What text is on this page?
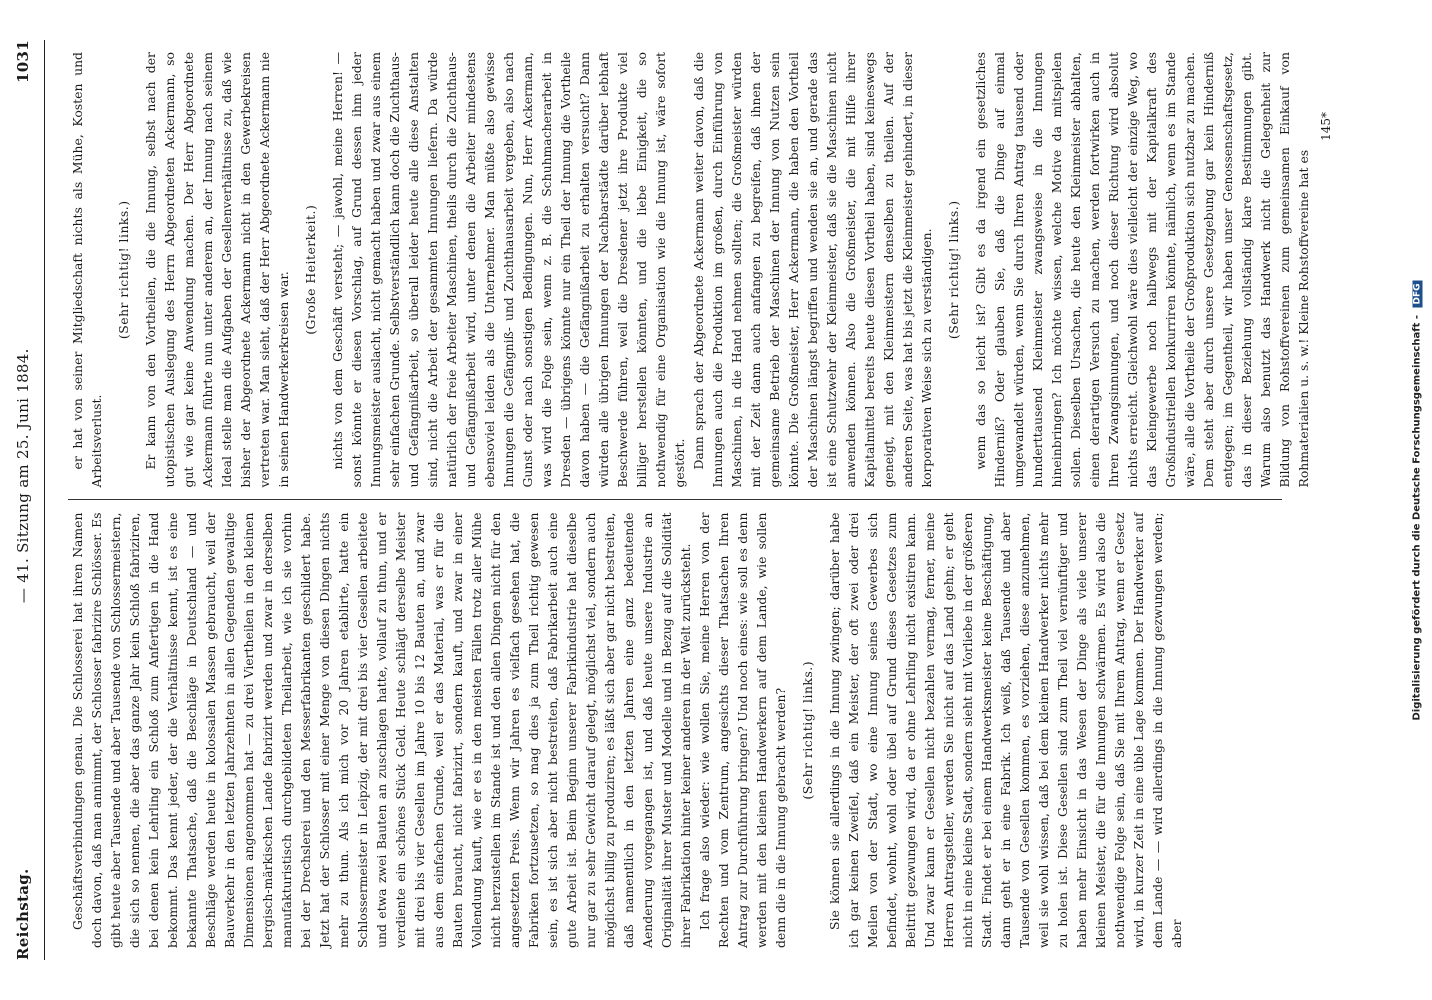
Reichstag.
— 41. Sitzung am 25. Juni 1884.
1031

Geschäftsverbindungen genau. Die Schlosserei hat ihren Namen doch davon, daß man annimmt, der Schlosser fabrizire Schlösser. Es gibt heute aber Tausende und aber Tausende von Schlossermeistern, die sich so nennen, die aber das ganze Jahr kein Schloß fabriziren, bei denen kein Lehrling ein Schloß zum Anfertigen in die Hand bekommt. Das kennt jeder, der die Verhältnisse kennt, ist es eine bekannte Thatsache, daß die Beschläge in Deutschland — und Beschläge werden heute in kolossalen Massen gebraucht, weil der Bauverkehr in den letzten Jahrzehnten in allen Gegenden gewaltige Dimensionen angenommen hat — zu drei Viertheilen in den kleinen bergisch-märkischen Lande fabrizirt werden und zwar in derselben manufakturistisch durchgebildeten Theilarbeit, wie ich sie vorhin bei der Drechslerei und den Messerfabrikanten geschildert habe. Jetzt hat der Schlosser mit einer Menge von diesen Dingen nichts mehr zu thun. Als ich mich vor 20 Jahren etablirte, hatte ein Schlossermeister in Leipzig, der mit drei bis vier Gesellen arbeitete und etwa zwei Bauten an zuschlagen hatte, vollauf zu thun, und er verdiente ein schönes Stück Geld. Heute schlägt derselbe Meister mit drei bis vier Gesellen im Jahre 10 bis 12 Bauten an, und zwar aus dem einfachen Grunde, weil er das Material, was er für die Bauten braucht, nicht fabrizirt, sondern kauft, und zwar in einer Vollendung kauft, wie er es in den meisten Fällen trotz aller Mühe nicht herzustellen im Stande ist und den allen Dingen nicht für den angesetzten Preis. Wenn wir Jahren es vielfach gesehen hat, die Fabriken fortzusetzen, so mag dies ja zum Theil richtig gewesen sein, es ist sich aber nicht bestreiten, daß Fabrikarbeit auch eine gute Arbeit ist. Beim Beginn unserer Fabrikindustrie hat dieselbe nur gar zu sehr Gewicht darauf gelegt, möglichst viel, sondern auch möglichst billig zu produziren; es läßt sich aber gar nicht bestreiten, daß namentlich in den letzten Jahren eine ganz bedeutende Aenderung vorgegangen ist, und daß heute unsere Industrie an Originalität ihrer Muster und Modelle und in Bezug auf die Solidität ihrer Fabrikation hinter keiner anderen in der Welt zurücksteht. Ich frage also wieder: wie wollen Sie, meine Herren von der Rechten und vom Zentrum, angesichts dieser Thatsachen Ihren Antrag zur Durchführung bringen? Und noch eines: wie soll es denn werden mit den kleinen Handwerkern auf dem Lande, wie sollen denn die in die Innung gebracht werden? (Sehr richtig! links.) Sie können sie allerdings in die Innung zwingen; darüber habe ich gar keinen Zweifel, daß ein Meister, der oft zwei oder drei Meilen von der Stadt, wo eine Innung seines Gewerbes sich befindet, wohnt, wohl oder übel auf Grund dieses Gesetzes zum Beitritt gezwungen wird, da er ohne Lehrling nicht existiren kann. Und zwar kann er Gesellen nicht bezahlen vermag, ferner, meine Herren Antragsteller, werden Sie nicht auf das Land gehn; er geht nicht in eine kleine Stadt, sondern sieht mit Vorliebe in der größeren Stadt. Findet er bei einem Handwerksmeister keine Beschäftigung, dann geht er in eine Fabrik. Ich weiß, daß Tausende und aber Tausende von Gesellen kommen, es vorziehen, diese anzunehmen, weil sie wohl wissen, daß bei dem kleinen Handwerker nichts mehr zu holen ist. Diese Gesellen sind zum Theil viel vernünftiger und haben mehr Einsicht in das Wesen der Dinge als viele unserer kleinen Meister, die für die Innungen schwärmen. Es wird also die nothwendige Folge sein, daß Sie mit Ihrem Antrag, wenn er Gesetz wird, in kurzer Zeit in eine üble Lage kommen. Der Handwerker auf dem Lande — — wird allerdings in die Innung gezwungen werden; aber

er hat von seiner Mitgliedschaft nichts als Mühe, Kosten und Arbeitsverlust.

(Sehr richtig! links.) Er kann von den Vortheilen, die die Innung, selbst nach der utopistischen Auslegung des Herrn Abgeordneten Ackermann, so gut wie gar keine Anwendung machen. Der Herr Abgeordnete Ackermann führte nun unter anderem an, der Innung nach seinem Ideal stelle man die Aufgaben der Gesellenverhältnisse zu, daß wie bisher der Abgeordnete Ackermann nicht in den Gewerbekreisen vertreten war. Man sieht, daß der Herr Abgeordnete Ackermann nie in seinen Handwerkerkreisen war.

(Große Heiterkeit.) nichts von dem Geschäft versteht; — jawohl, meine Herren! — sonst könnte er diesen Vorschlag, auf Grund dessen ihm jeder Innungsmeister auslacht, nicht gemacht haben und zwar aus einem sehr einfachen Grunde. Selbstverständlich kann doch die Zuchthaus- und Gefängnißarbeit, so überall leider heute alle diese Anstalten sind, nicht die Arbeit der gesammten Innungen liefern. Da würde natürlich der freie Arbeiter Maschinen, theils durch die Zuchthaus- und Gefängnißarbeit wird, unter denen die Arbeiter mindestens ebensoviel leiden als die Unternehmer. Man müßte also gewisse Innungen die Gefängniß- und Zuchthausarbeit vergeben, also nach Gunst oder nach sonstigen Bedingungen. Nun, Herr Ackermann, was wird die Folge sein, wenn z. B. die Schuhmacherarbeit in Dresden — übrigens könnte nur ein Theil der Innung die Vortheile davon haben — die Gefängnißarbeit zu erhalten versucht? Dann würden alle übrigen Innungen der Nachbarstädte darüber lebhaft Beschwerde führen, weil die Dresdener jetzt ihre Produkte viel billiger herstellen könnten, und die liebe Einigkeit, die so nothwendig für eine Organisation wie die Innung ist, wäre sofort gestört. Dann sprach der Abgeordnete Ackermann weiter davon, daß die Innungen auch die Produktion im großen, durch Einführung von Maschinen, in die Hand nehmen sollten; die Großmeister würden mit der Zeit dann auch anfangen zu begreifen, daß ihnen der gemeinsame Betrieb der Maschinen der Innung von Nutzen sein könnte. Die Großmeister, Herr Ackermann, die haben den Vortheil der Maschinen längst begriffen und wenden sie an, und gerade das ist eine Schutzwehr der Kleinmeister, daß sie die Maschinen nicht anwenden können. Also die Großmeister, die mit Hilfe ihrer Kapitalmittel bereits heute diesen Vortheil haben, sind keineswegs geneigt, mit den Kleinmeistern denselben zu theilen. Auf der anderen Seite, was hat bis jetzt die Kleinmeister gehindert, in dieser korporativen Weise sich zu verständigen. (Sehr richtig! links.) wenn das so leicht ist? Gibt es da irgend ein gesetzliches Hinderniß? Oder glauben Sie, daß die Dinge auf einmal umgewandelt würden, wenn Sie durch Ihren Antrag tausend oder hunderttausend Kleinmeister zwangsweise in die Innungen hineinbringen? Ich möchte wissen, welche Motive da mitspielen sollen. Dieselben Ursachen, die heute den Kleinmeister abhalten, einen derartigen Versuch zu machen, werden fortwirken auch in Ihren Zwangsinnungen, und noch dieser Richtung wird absolut nichts erreicht. Gleichwohl wäre dies vielleicht der einzige Weg, wo das Kleingewerbe noch halbwegs mit der Kapitalkraft des Großindustriellen konkurriren könnte, nämlich, wenn es im Stande wäre, alle die Vortheile der Großproduktion sich nutzbar zu machen. Dem steht aber durch unsere Gesetzgebung gar kein Hinderniß entgegen; im Gegentheil, wir haben unser Genossenschaftsgesetz, das in dieser Beziehung vollständig klare Bestimmungen gibt. Warum also benutzt das Handwerk nicht die Gelegenheit zur Bildung von Rohstoffvereinen zum gemeinsamen Einkauf von Rohmaterialien u. s. w.! Kleine Rohstoffvereine hat es

145*
Digitalisierung gefördert durch die Deutsche Forschungsgemeinschaft - DFG
